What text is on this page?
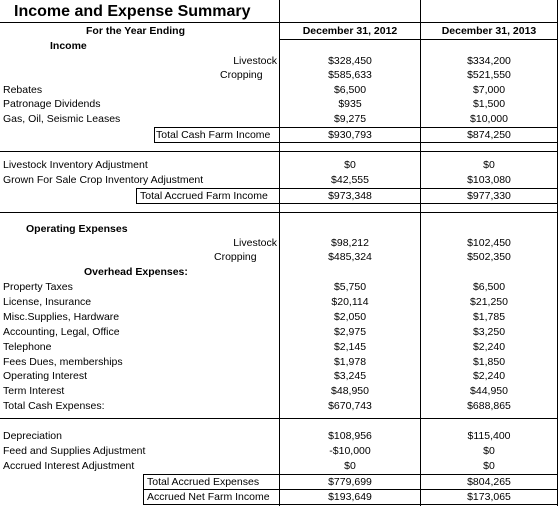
Income and Expense Summary
For the Year Ending	December 31, 2012	December 31, 2013
Income
Livestock	$328,450	$334,200
Cropping	$585,633	$521,550
Rebates	$6,500	$7,000
Patronage Dividends	$935	$1,500
Gas, Oil, Seismic Leases	$9,275	$10,000
Total Cash Farm Income	$930,793	$874,250
Livestock Inventory Adjustment	$0	$0
Grown For Sale Crop Inventory Adjustment	$42,555	$103,080
Total Accrued Farm Income	$973,348	$977,330
Operating Expenses
Livestock	$98,212	$102,450
Cropping	$485,324	$502,350
Overhead Expenses:
Property Taxes	$5,750	$6,500
License, Insurance	$20,114	$21,250
Misc.Supplies, Hardware	$2,050	$1,785
Accounting, Legal, Office	$2,975	$3,250
Telephone	$2,145	$2,240
Fees Dues, memberships	$1,978	$1,850
Operating Interest	$3,245	$2,240
Term Interest	$48,950	$44,950
Total Cash Expenses:	$670,743	$688,865
Depreciation	$108,956	$115,400
Feed and Supplies Adjustment	-$10,000	$0
Accrued Interest Adjustment	$0	$0
Total Accrued Expenses	$779,699	$804,265
Accrued Net Farm Income	$193,649	$173,065
